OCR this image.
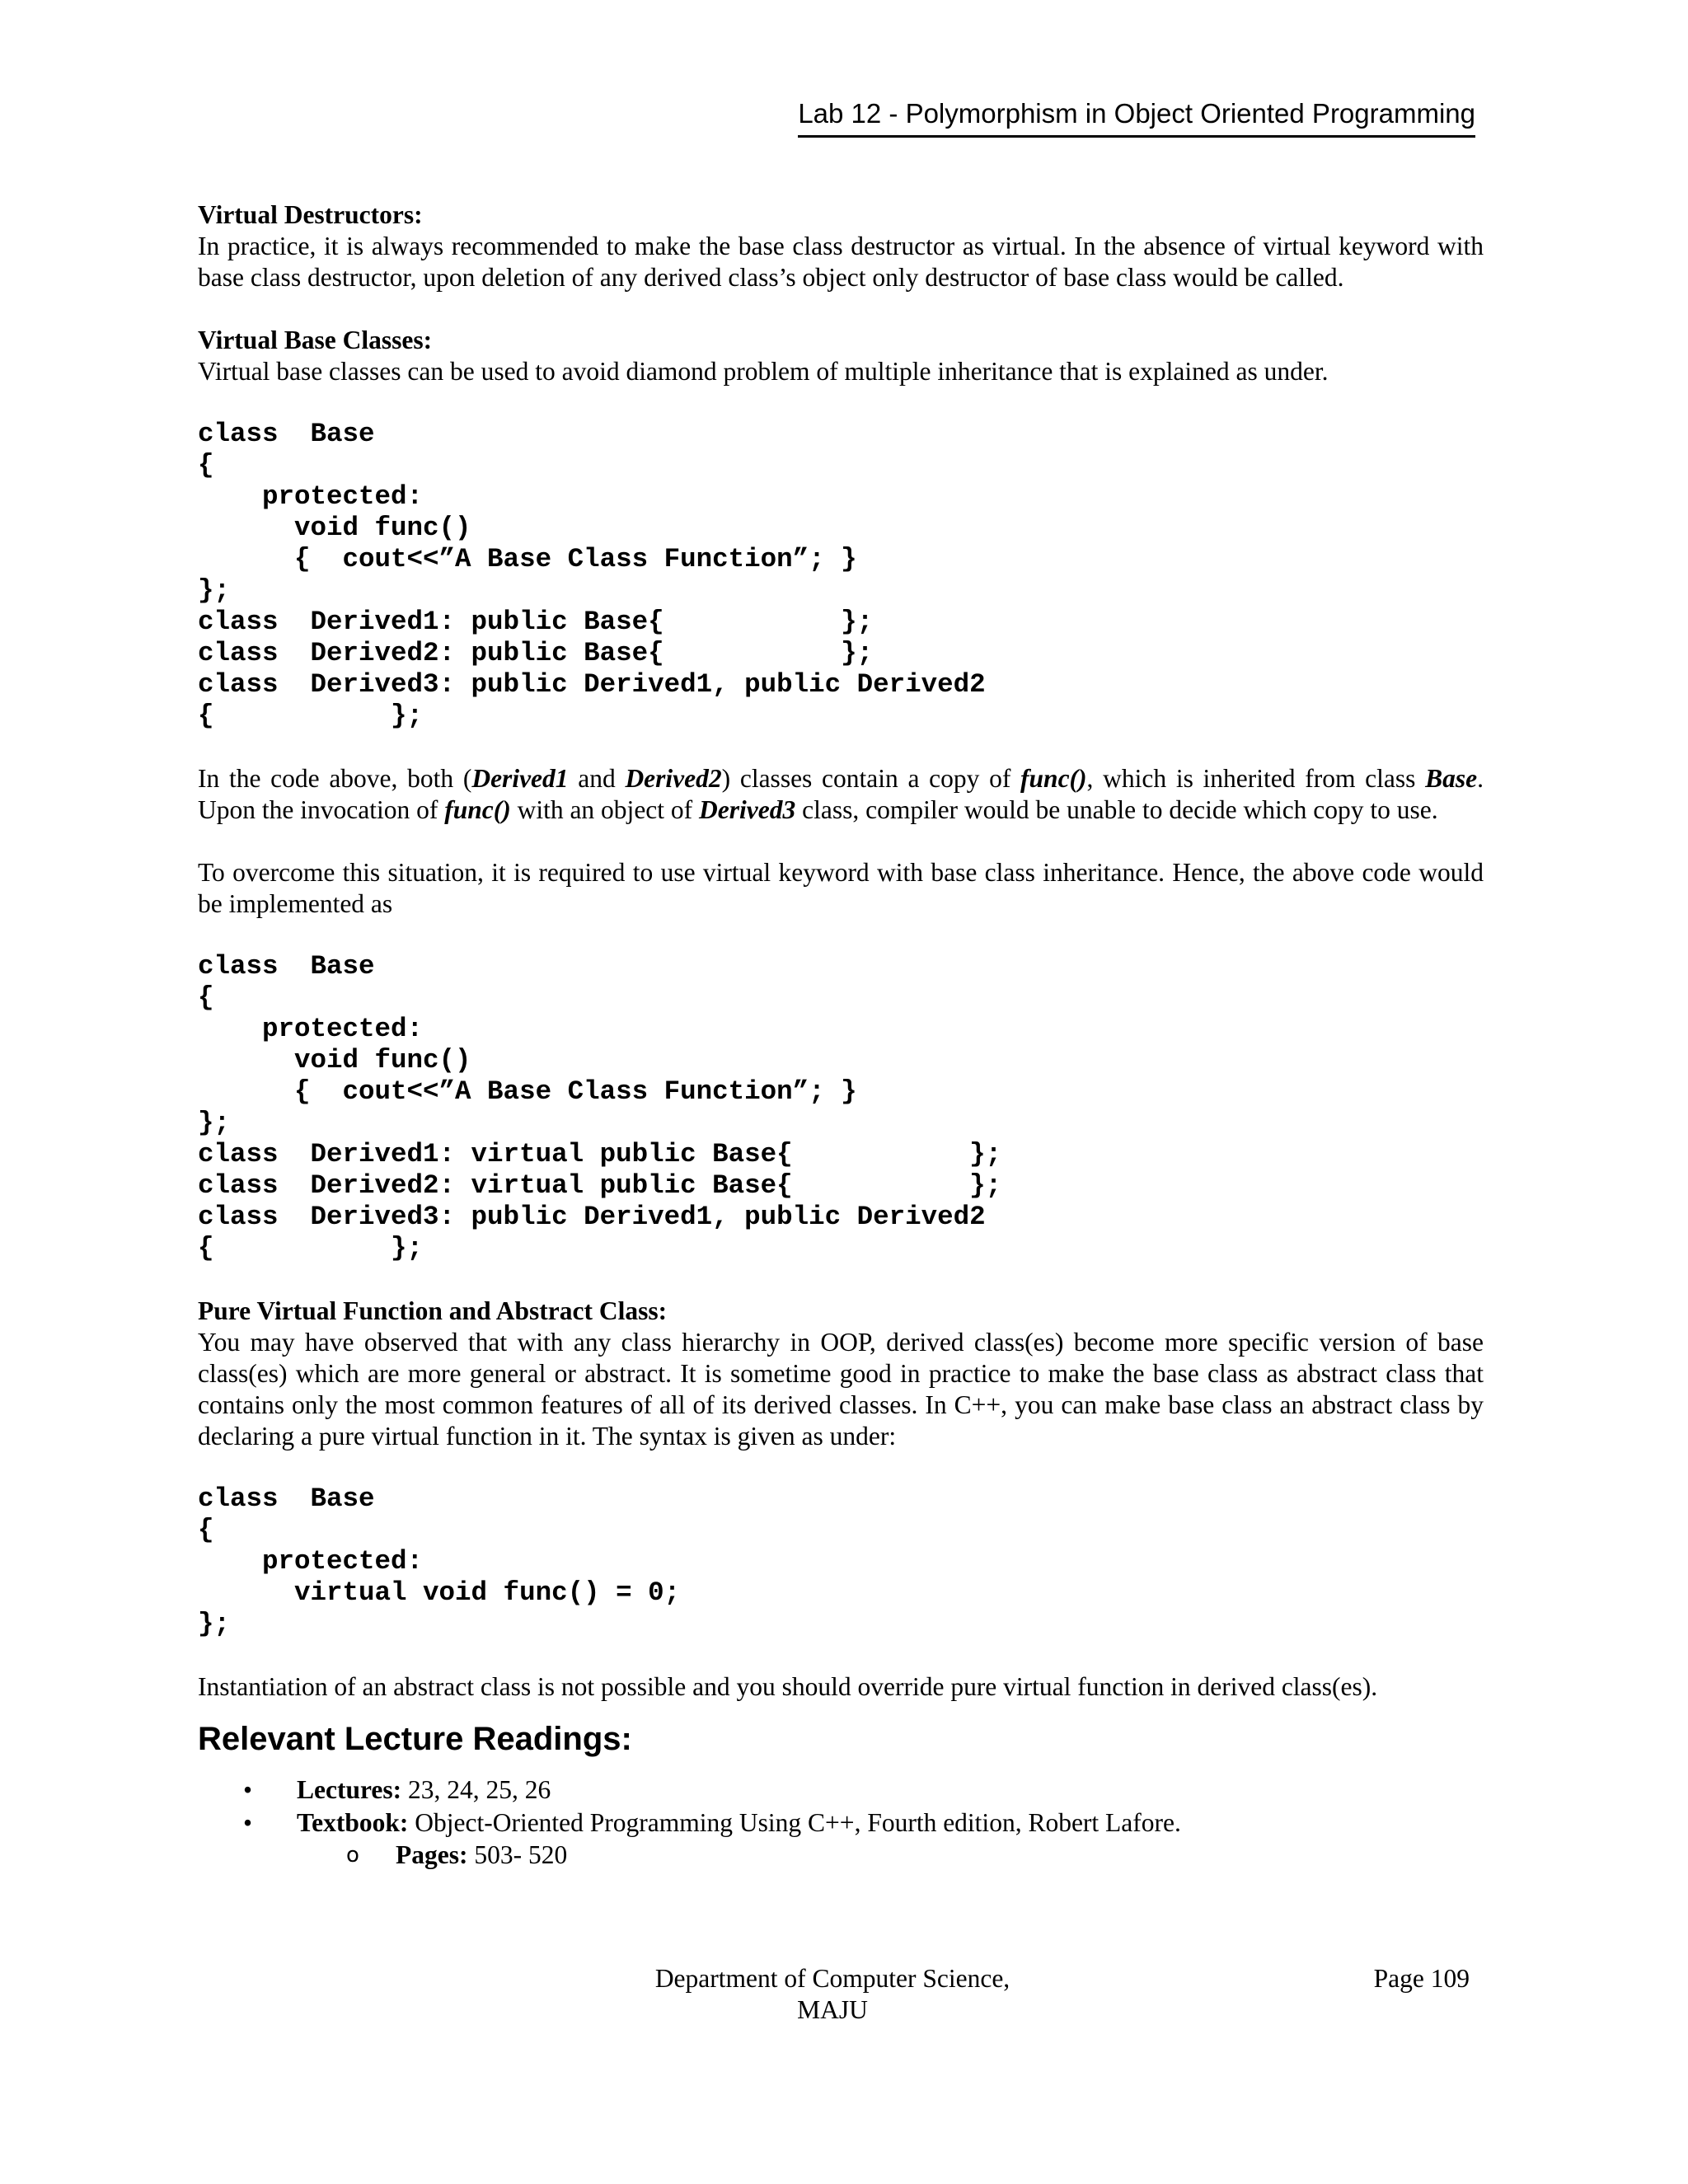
Lab 12 - Polymorphism in Object Oriented Programming
Virtual Destructors:

In practice, it is always recommended to make the base class destructor as virtual. In the absence of virtual keyword with base class destructor, upon deletion of any derived class’s object only destructor of base class would be called.

Virtual Base Classes:

Virtual base classes can be used to avoid diamond problem of multiple inheritance that is explained as under.

class  Base
{
protected:
void func()
{  cout<<”A Base Class Function”; }
};
class  Derived1: public Base{           };
class  Derived2: public Base{           };
class  Derived3: public Derived1, public Derived2
{           };

In the code above, both (Derived1 and Derived2) classes contain a copy of func(), which is inherited from class Base. Upon the invocation of func() with an object of Derived3 class, compiler would be unable to decide which copy to use.

To overcome this situation, it is required to use virtual keyword with base class inheritance. Hence, the above code would be implemented as

class  Base
{
protected:
void func()
{  cout<<”A Base Class Function”; }
};
class  Derived1: virtual public Base{           };
class  Derived2: virtual public Base{           };
class  Derived3: public Derived1, public Derived2
{           };
Pure Virtual Function and Abstract Class:

You may have observed that with any class hierarchy in OOP, derived class(es) become more specific version of base class(es) which are more general or abstract. It is sometime good in practice to make the base class as abstract class that contains only the most common features of all of its derived classes. In C++, you can make base class an abstract class by declaring a pure virtual function in it. The syntax is given as under:

class  Base
{
protected:
virtual void func() = 0;
};

Instantiation of an abstract class is not possible and you should override pure virtual function in derived class(es).

Relevant Lecture Readings:
• Lectures: 23, 24, 25, 26
• Textbook: Object-Oriented Programming Using C++, Fourth edition, Robert Lafore.
o Pages: 503- 520
Department of Computer Science,
MAJU
Page 109
